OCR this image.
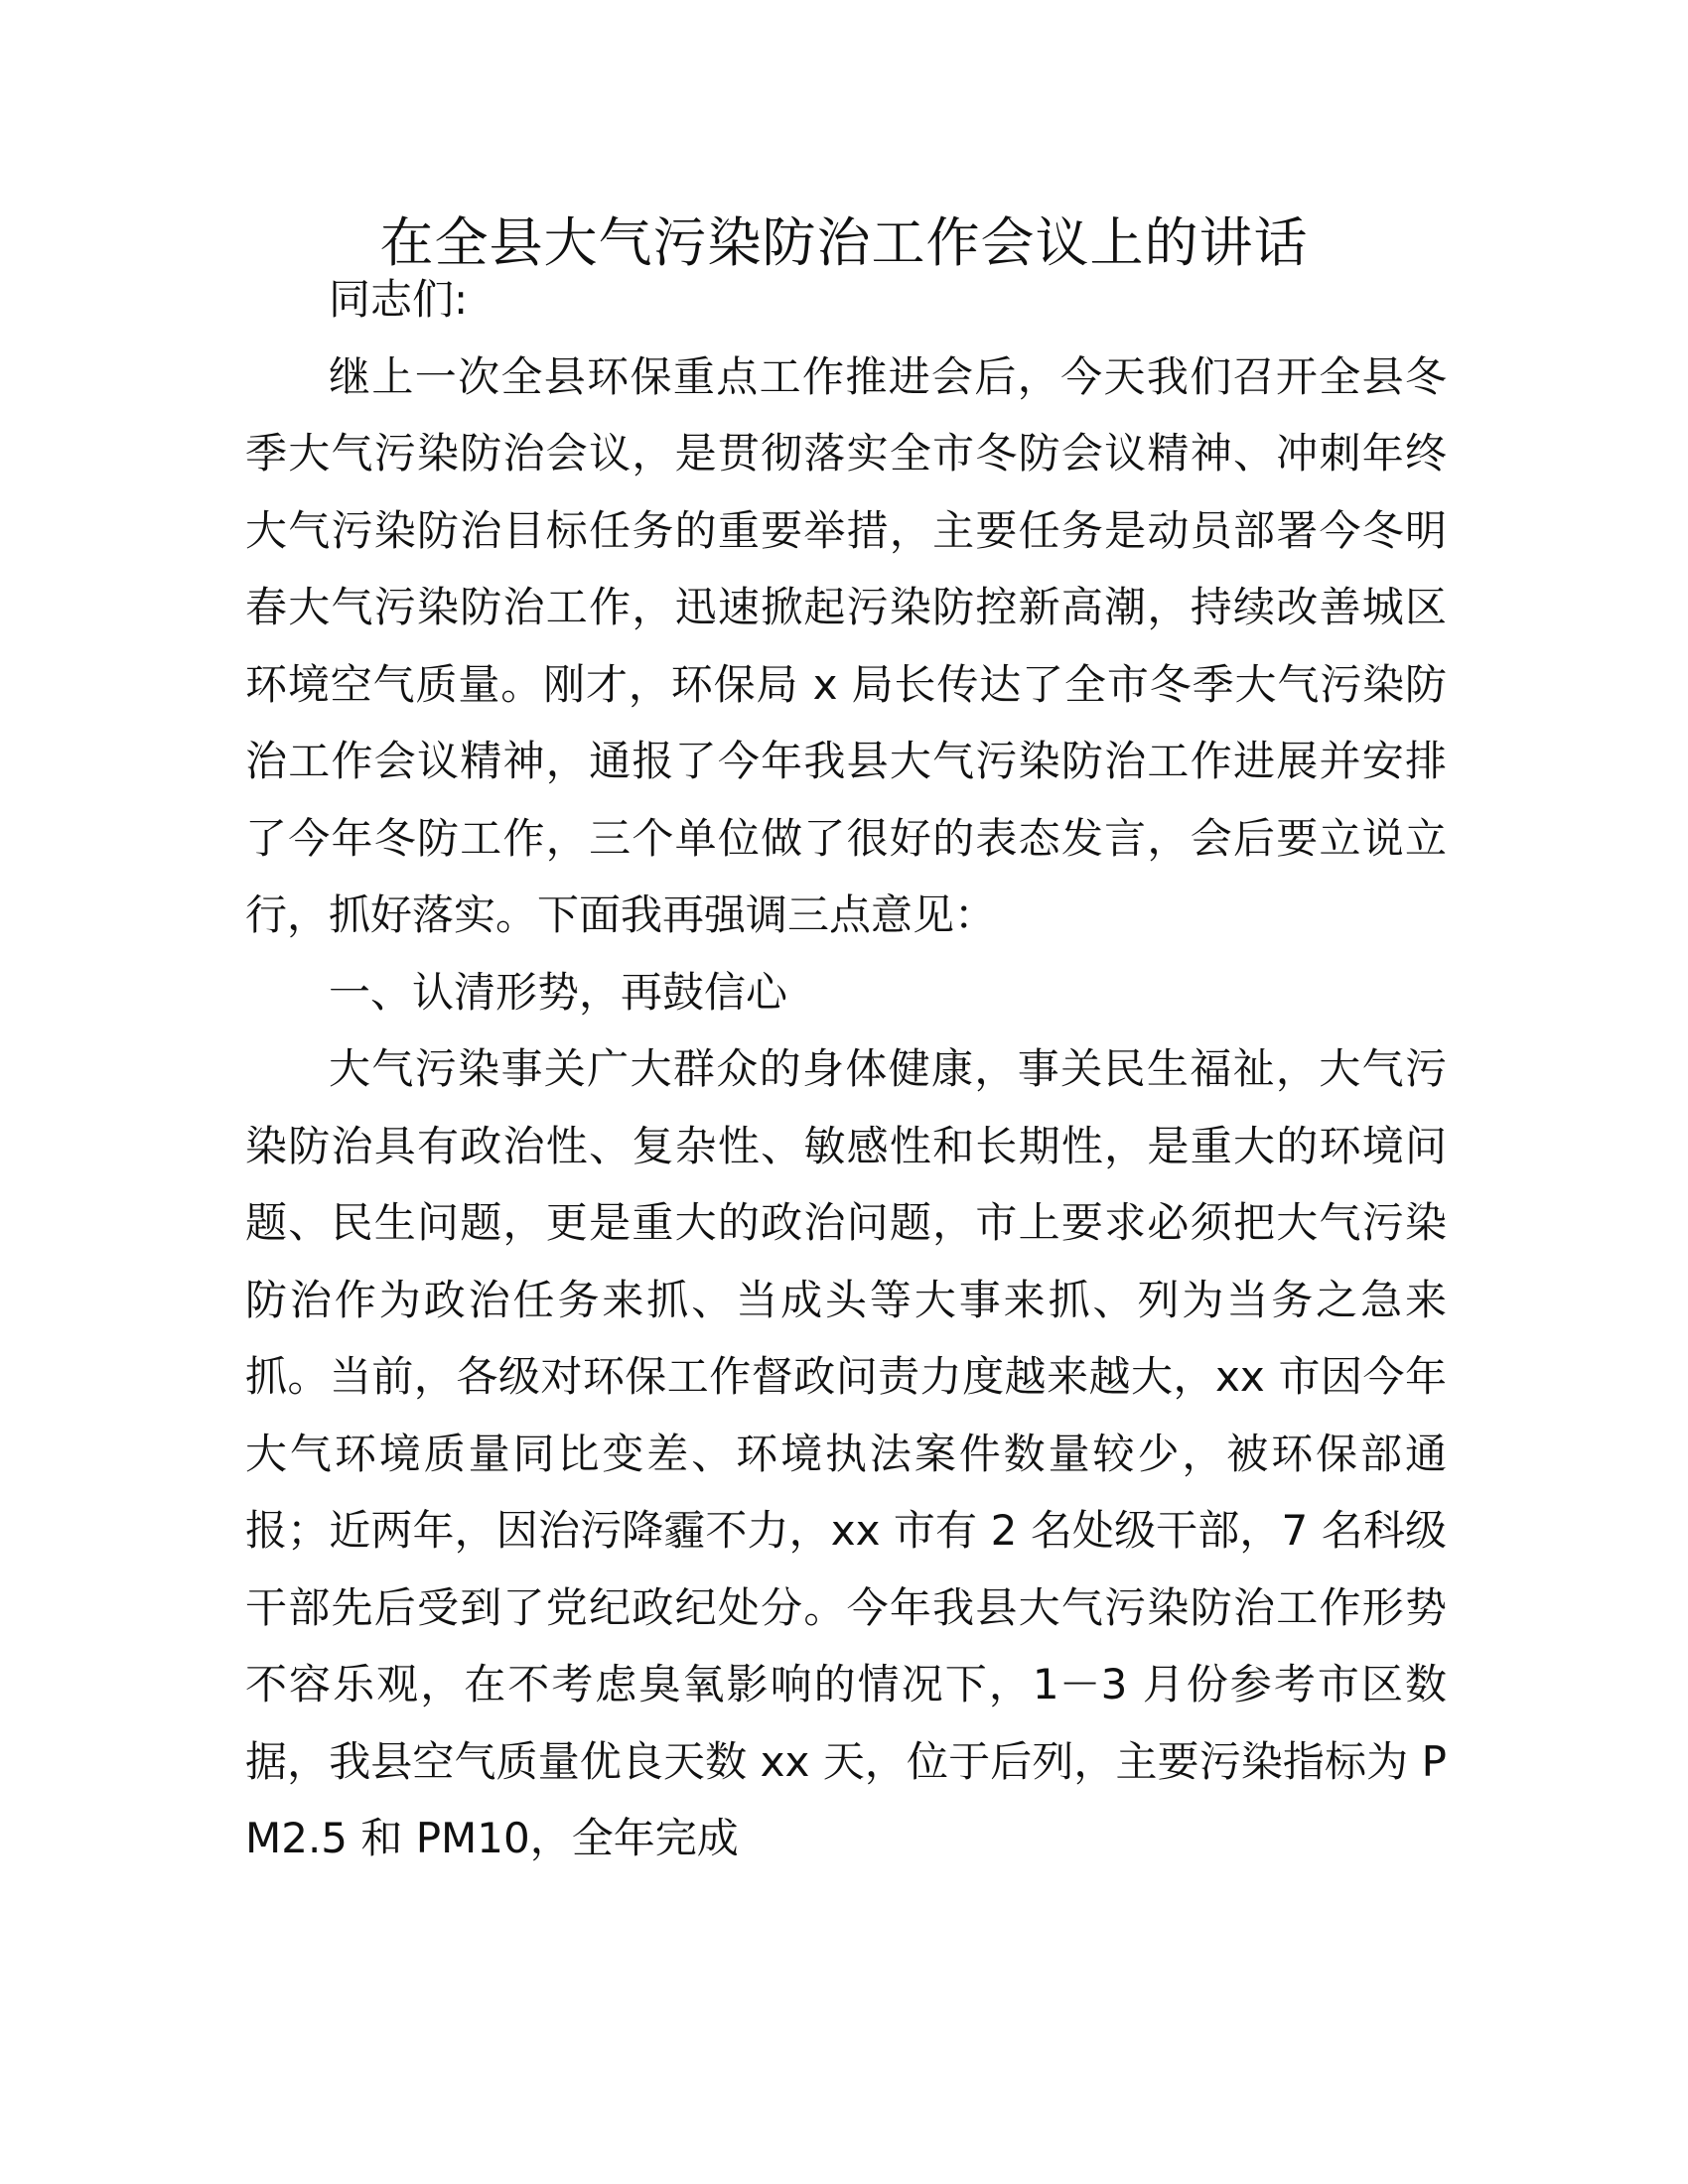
在全县大气污染防治工作会议上的讲话

同志们:

继上一次全县环保重点工作推进会后，今天我们召开全县冬季大气污染防治会议，是贯彻落实全市冬防会议精神、冲刺年终大气污染防治目标任务的重要举措，主要任务是动员部署今冬明春大气污染防治工作，迅速掀起污染防控新高潮，持续改善城区环境空气质量。刚才，环保局 x 局长传达了全市冬季大气污染防治工作会议精神，通报了今年我县大气污染防治工作进展并安排了今年冬防工作，三个单位做了很好的表态发言，会后要立说立行，抓好落实。下面我再强调三点意见：

一、认清形势，再鼓信心

大气污染事关广大群众的身体健康，事关民生福祉，大气污染防治具有政治性、复杂性、敏感性和长期性，是重大的环境问题、民生问题，更是重大的政治问题，市上要求必须把大气污染防治作为政治任务来抓、当成头等大事来抓、列为当务之急来抓。当前，各级对环保工作督政问责力度越来越大，xx 市因今年大气环境质量同比变差、环境执法案件数量较少，被环保部通报；近两年，因治污降霾不力，xx 市有 2 名处级干部，7 名科级干部先后受到了党纪政纪处分。今年我县大气污染防治工作形势不容乐观，在不考虑臭氧影响的情况下，1－3 月份参考市区数据，我县空气质量优良天数 xx 天，位于后列，主要污染指标为 PM2.5 和 PM10，全年完成
